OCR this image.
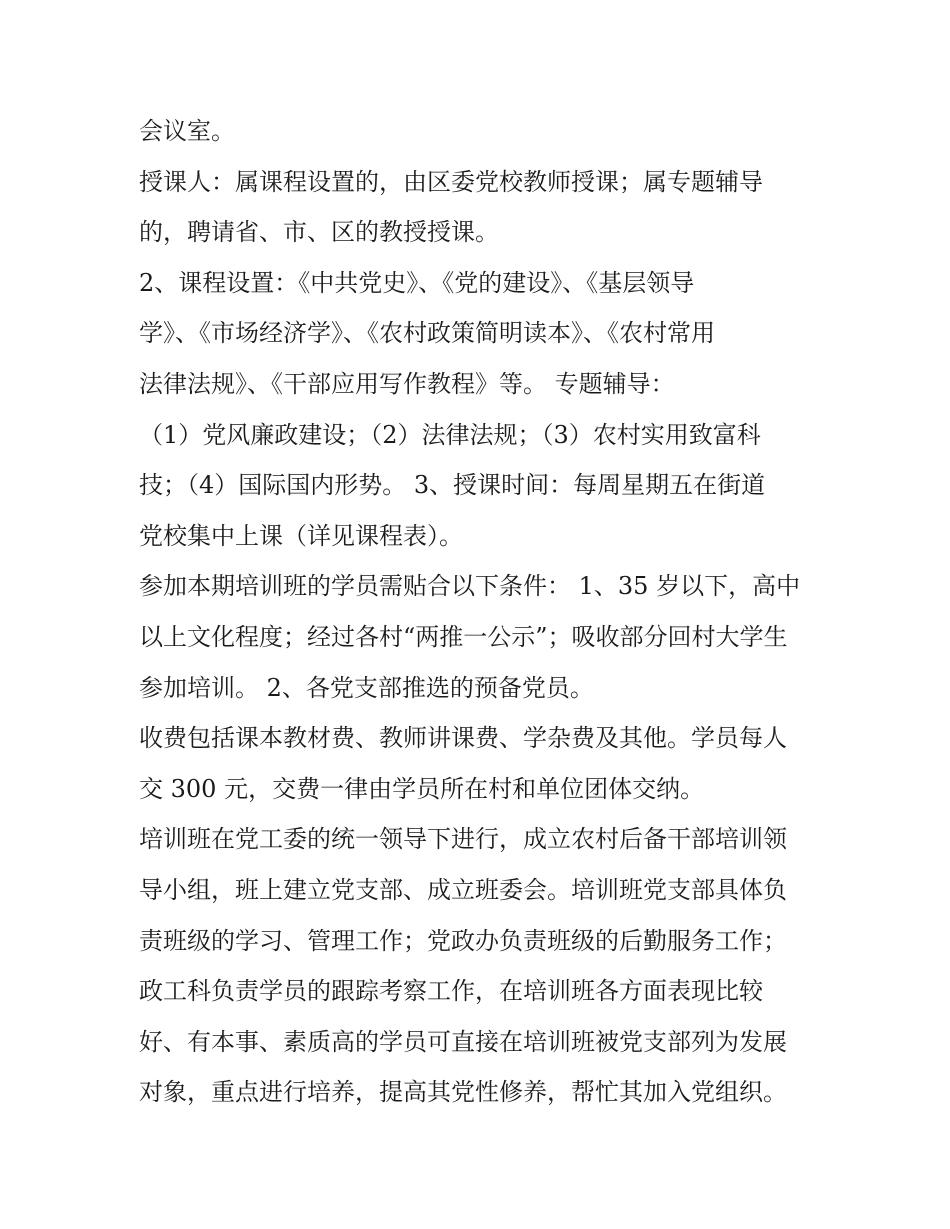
会议室。
授课人：属课程设置的，由区委党校教师授课；属专题辅导
的，聘请省、市、区的教授授课。
2、课程设置：《中共党史》、《党的建设》、《基层领导
学》、《市场经济学》、《农村政策简明读本》、《农村常用
法律法规》、《干部应用写作教程》等。 专题辅导：
（1）党风廉政建设；（2）法律法规；（3）农村实用致富科
技；（4）国际国内形势。 3、授课时间：每周星期五在街道
党校集中上课（详见课程表）。
参加本期培训班的学员需贴合以下条件： 1、35 岁以下，高中
以上文化程度；经过各村“两推一公示”；吸收部分回村大学生
参加培训。 2、各党支部推选的预备党员。
收费包括课本教材费、教师讲课费、学杂费及其他。学员每人
交 300 元，交费一律由学员所在村和单位团体交纳。
培训班在党工委的统一领导下进行，成立农村后备干部培训领
导小组，班上建立党支部、成立班委会。培训班党支部具体负
责班级的学习、管理工作；党政办负责班级的后勤服务工作；
政工科负责学员的跟踪考察工作，在培训班各方面表现比较
好、有本事、素质高的学员可直接在培训班被党支部列为发展
对象，重点进行培养，提高其党性修养，帮忙其加入党组织。
